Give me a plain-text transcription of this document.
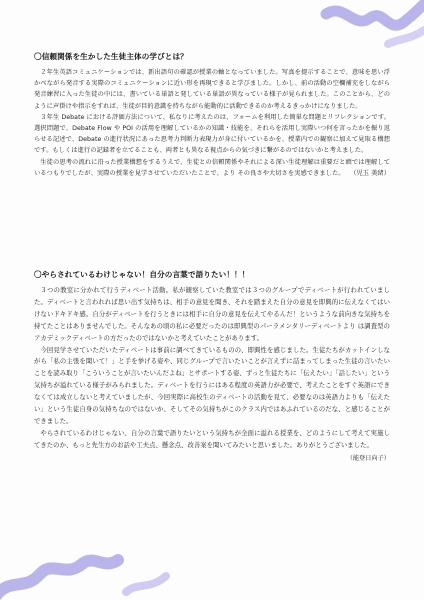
〇信頼関係を生かした生徒主体の学びとは？

２年生英語コミュニケーションでは、新出語句の確認が授業の軸となっていました。写真を提示することで、意味を思い浮かべながら発音する実際のコミュニケーションに近い形を再現できると学びました。しかし、前の活動の空欄補充をしながら発音練習に入った生徒の中には、書いている単語と発している単語が異なっている様子が見られました。このことから、どのように声掛けや指示をすれば、生徒が目的意識を持ちながら能動的に活動できるのか考えるきっかけになりました。

３年生 Debate における評価方法について、私なりに考えたのは、フォームを利用した簡単な問題とリフレクションです。選択問題で、Debate Flow や POI の活用を理解しているかの知識・技能を、それらを活用し実際いつ何を言ったかを振り返らせる記述で、Debate の進行状況にあった思考力判断力表現力が身に付いているかを、授業内での観察に加えて見取る構想です。もしくは進行の記録者を立てることも、両者とも異なる視点からの気づきに繋がるのではないかと考えました。

生徒の思考の流れに沿った授業構想をするうえで、生徒との信頼関係やそれによる深い生徒理解は重要だと頭では理解しているつもりでしたが、実際の授業を見学させていただいたことで、より その良さや大切さを実感できました。 （児玉 美緒）

〇やらされているわけじゃない！自分の言葉で語りたい！！！

３つの教室に分かれて行うディベート活動。私が観察していた教室では３つのグループでディベートが行われていました。ディベートと言われれば思い出す気持ちは、相手の意見を聞き、それを踏まえた自分の意見を即興的に伝えなくてはいけないドキドキ感。自分がディベートを行うときには相手に自分の意見を伝えてやるんだ！というような前向きな気持ちを持てたことはありませんでした。そんなあの頃の私に必要だったのは即興型のパーラメンタリーディベートより は調査型のアカデミックディベートの方だったのではないかと考えていたことがあります。

今回見学させていただいたディベートは事前に調べてきているものの、即興性を感じました。生徒たちがカットインしながら「私の主張を聞いて！」と手を挙げる姿や、同じグループで言いたいことが言えずに詰まってしまった生徒の言いたいことを読み取り「こういうことが言いたいんだよね」とサポートする姿、ずっと生徒たちに「伝えたい」「話したい」という気持ちが溢れている様子がみられました。ディベートを行うにはある程度の英語力が必要で、考えたことをすぐ英語にできなくては成立しないと考えていましたが、今回実際に高校生のディベートの活動を見て、必要なのは英語力よりも「伝えたい」という生徒自身の気持ちなのではないか、そしてその気持ちがこのクラス内ではあふれているのだな、と感じることができました。

やらされているわけじゃない、自分の言葉で語りたいという気持ちが全面に溢れる授業を、どのようにして考えて実施してきたのか、もっと先生方のお話や工夫点、懸念点、改善案を聞いてみたいと思いました。ありがとうございました。

（能登日向子）
